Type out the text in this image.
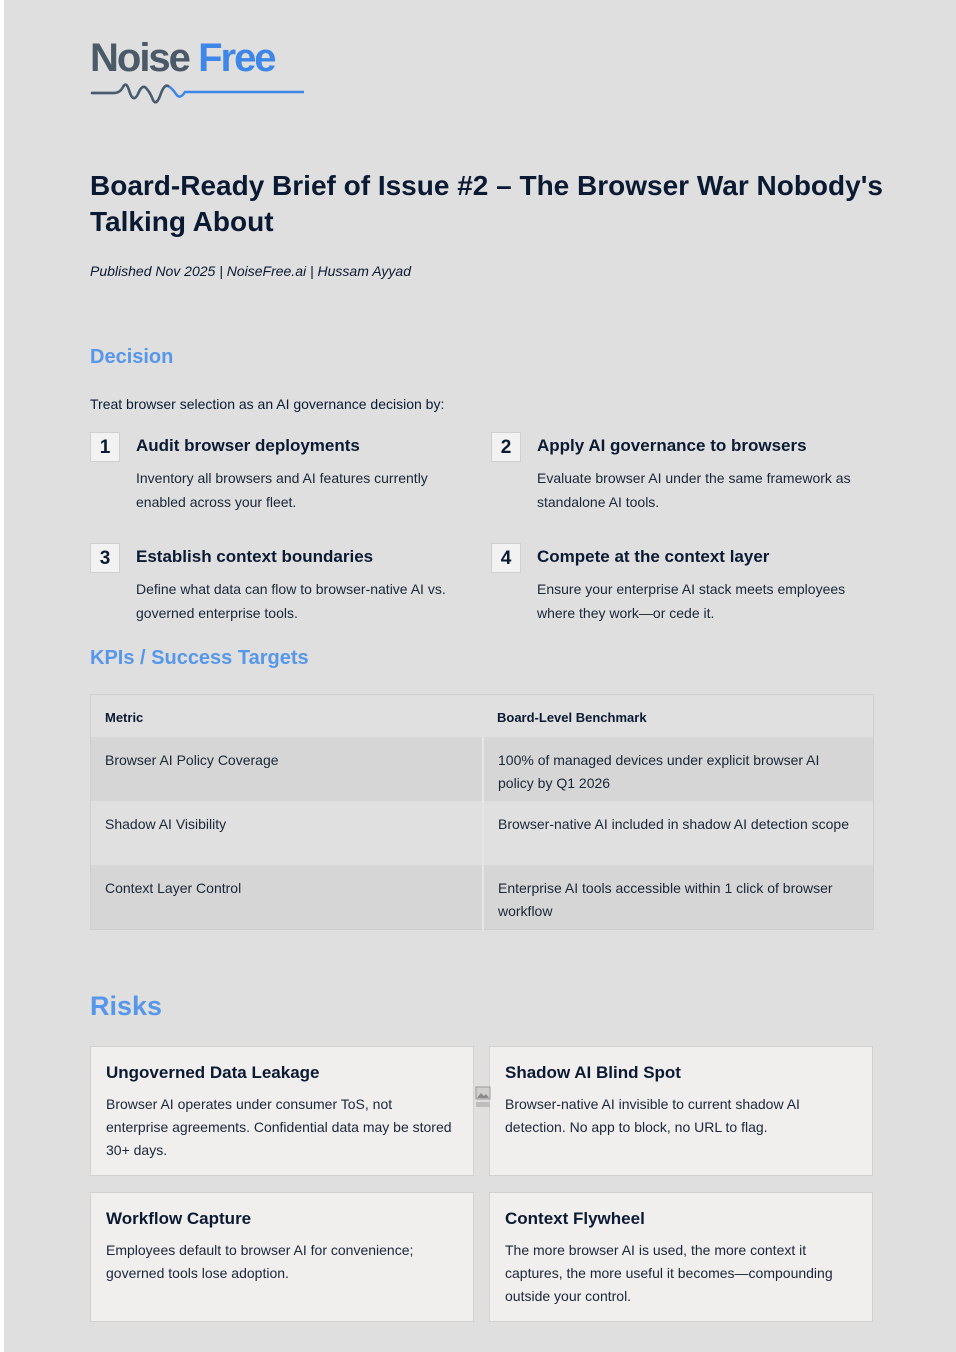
Noise Free
Board-Ready Brief of Issue #2 – The Browser War Nobody's Talking About
Published Nov 2025 | NoiseFree.ai | Hussam Ayyad
Decision
Treat browser selection as an AI governance decision by:
1	Audit browser deployments
Inventory all browsers and AI features currently enabled across your fleet.
2	Apply AI governance to browsers
Evaluate browser AI under the same framework as standalone AI tools.
3	Establish context boundaries
Define what data can flow to browser-native AI vs. governed enterprise tools.
4	Compete at the context layer
Ensure your enterprise AI stack meets employees where they work—or cede it.
KPIs / Success Targets
Metric	Board-Level Benchmark
Browser AI Policy Coverage	100% of managed devices under explicit browser AI policy by Q1 2026
Shadow AI Visibility	Browser-native AI included in shadow AI detection scope
Context Layer Control	Enterprise AI tools accessible within 1 click of browser workflow
Risks

Ungoverned Data Leakage

Browser AI operates under consumer ToS, not enterprise agreements. Confidential data may be stored 30+ days.

Shadow AI Blind Spot

Browser-native AI invisible to current shadow AI detection. No app to block, no URL to flag.

Workflow Capture

Employees default to browser AI for convenience; governed tools lose adoption.

Context Flywheel

The more browser AI is used, the more context it captures, the more useful it becomes—compounding outside your control.
